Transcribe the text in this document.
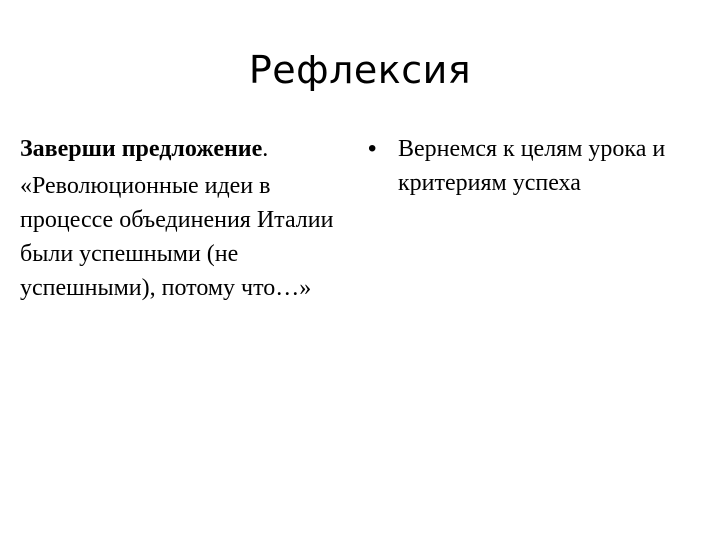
Рефлексия

Заверши предложение.

«Революционные идеи в процессе объединения Италии были успешными (не успешными), потому что…»

• Вернемся к целям урока и критериям успеха
